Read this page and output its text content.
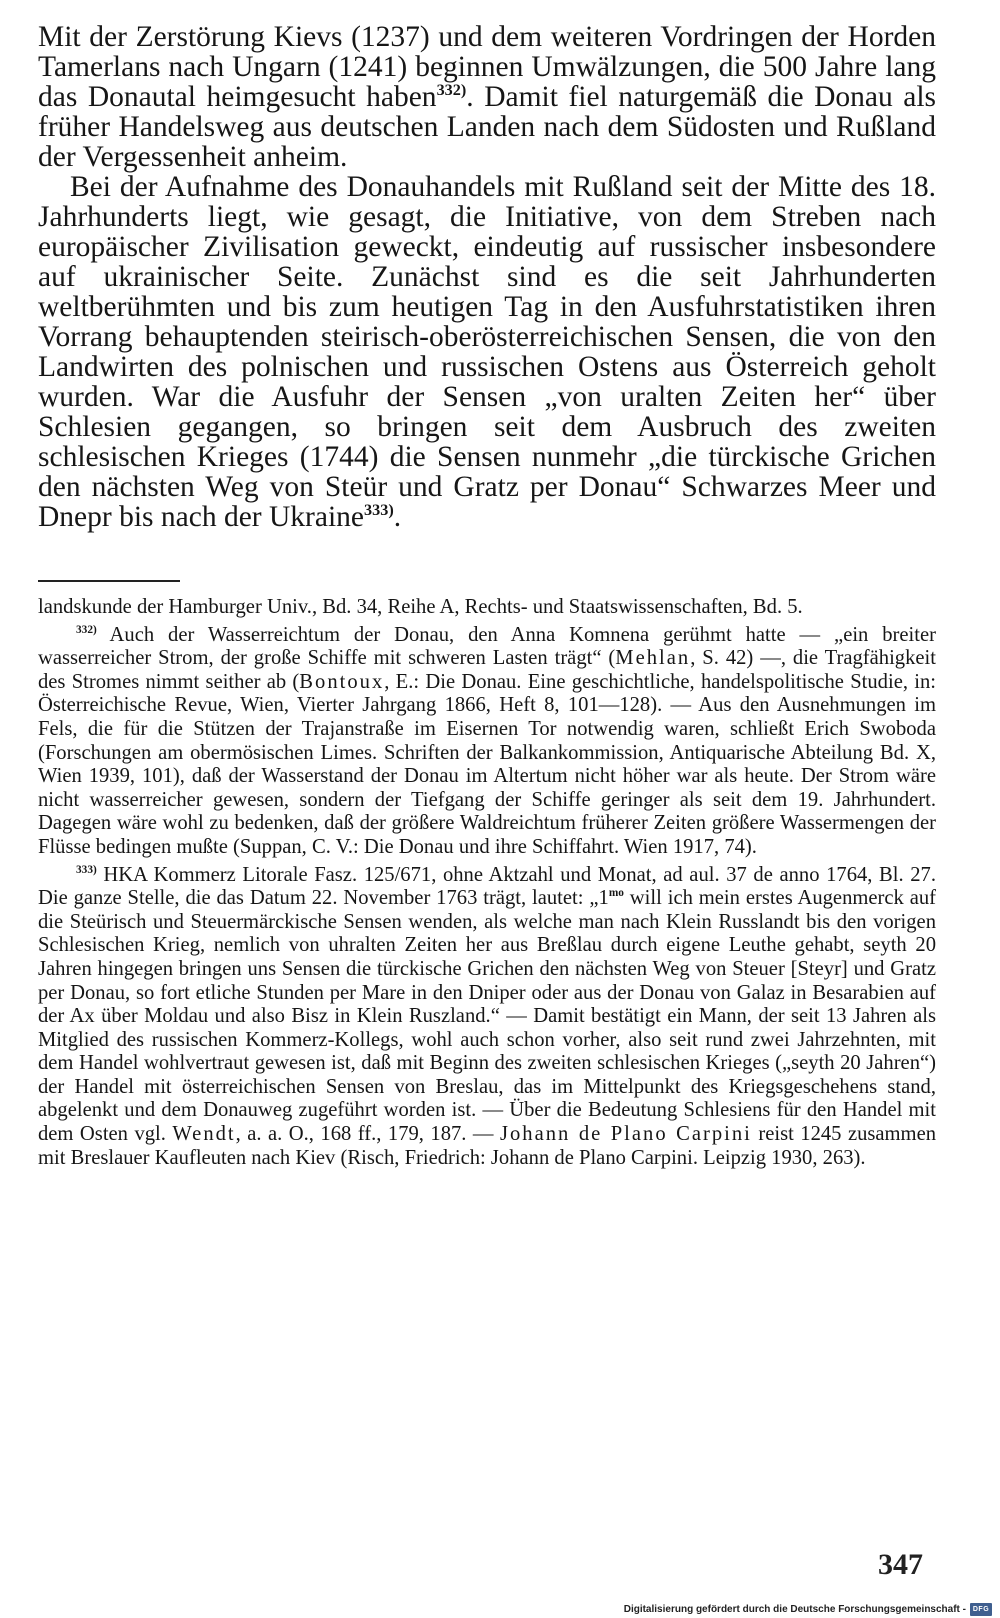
Mit der Zerstörung Kievs (1237) und dem weiteren Vordringen der Horden Tamerlans nach Ungarn (1241) beginnen Umwälzungen, die 500 Jahre lang das Donautal heimgesucht haben$^{332)}$. Damit fiel naturgemäß die Donau als früher Handelsweg aus deutschen Landen nach dem Südosten und Rußland der Vergessenheit anheim.

Bei der Aufnahme des Donauhandels mit Rußland seit der Mitte des 18. Jahrhunderts liegt, wie gesagt, die Initiative, von dem Streben nach europäischer Zivilisation geweckt, eindeutig auf russischer insbesondere auf ukrainischer Seite. Zunächst sind es die seit Jahrhunderten weltberühmten und bis zum heutigen Tag in den Ausfuhrstatistiken ihren Vorrang behauptenden steirisch-oberösterreichischen Sensen, die von den Landwirten des polnischen und russischen Ostens aus Österreich geholt wurden. War die Ausfuhr der Sensen „von uralten Zeiten her“ über Schlesien gegangen, so bringen seit dem Ausbruch des zweiten schlesischen Krieges (1744) die Sensen nunmehr „die türckische Grichen den nächsten Weg von Steür und Gratz per Donau“ Schwarzes Meer und Dnepr bis nach der Ukraine$^{333)}$.

landskunde der Hamburger Univ., Bd. 34, Reihe A, Rechts- und Staatswissenschaften, Bd. 5.

$^{332)}$ Auch der Wasserreichtum der Donau, den Anna Komnena gerühmt hatte — „ein breiter wasserreicher Strom, der große Schiffe mit schweren Lasten trägt“ (Mehlan, S. 42) —, die Tragfähigkeit des Stromes nimmt seither ab (Bontoux, E.: Die Donau. Eine geschichtliche, handelspolitische Studie, in: Österreichische Revue, Wien, Vierter Jahrgang 1866, Heft 8, 101—128). — Aus den Ausnehmungen im Fels, die für die Stützen der Trajanstraße im Eisernen Tor notwendig waren, schließt Erich Swoboda (Forschungen am obermösischen Limes. Schriften der Balkankommission, Antiquarische Abteilung Bd. X, Wien 1939, 101), daß der Wasserstand der Donau im Altertum nicht höher war als heute. Der Strom wäre nicht wasserreicher gewesen, sondern der Tiefgang der Schiffe geringer als seit dem 19. Jahrhundert. Dagegen wäre wohl zu bedenken, daß der größere Waldreichtum früherer Zeiten größere Wassermengen der Flüsse bedingen mußte (Suppan, C. V.: Die Donau und ihre Schiffahrt. Wien 1917, 74).

$^{333)}$ HKA Kommerz Litorale Fasz. 125/671, ohne Aktzahl und Monat, ad aul. 37 de anno 1764, Bl. 27. Die ganze Stelle, die das Datum 22. November 1763 trägt, lautet: $„1^{mo}$ will ich mein erstes Augenmerck auf die Steürisch und Steuermärckische Sensen wenden, als welche man nach Klein Russlandt bis den vorigen Schlesischen Krieg, nemlich von uhralten Zeiten her aus Breßlau durch eigene Leuthe gehabt, seyth 20 Jahren hingegen bringen uns Sensen die türckische Grichen den nächsten Weg von Steuer [Steyr] und Gratz per Donau, so fort etliche Stunden per Mare in den Dniper oder aus der Donau von Galaz in Besarabien auf der Ax über Moldau und also Bisz in Klein Ruszland.“ — Damit bestätigt ein Mann, der seit 13 Jahren als Mitglied des russischen Kommerz-Kollegs, wohl auch schon vorher, also seit rund zwei Jahrzehnten, mit dem Handel wohlvertraut gewesen ist, daß mit Beginn des zweiten schlesischen Krieges („seyth 20 Jahren“) der Handel mit österreichischen Sensen von Breslau, das im Mittelpunkt des Kriegsgeschehens stand, abgelenkt und dem Donauweg zugeführt worden ist. — Über die Bedeutung Schlesiens für den Handel mit dem Osten vgl. Wendt, a. a. O., 168 ff., 179, 187. — Johann de Plano Carpini reist 1245 zusammen mit Breslauer Kaufleuten nach Kiev (Risch, Friedrich: Johann de Plano Carpini. Leipzig 1930, 263).

347
Digitalisierung gefördert durch die Deutsche Forschungsgemeinschaft - DFG
